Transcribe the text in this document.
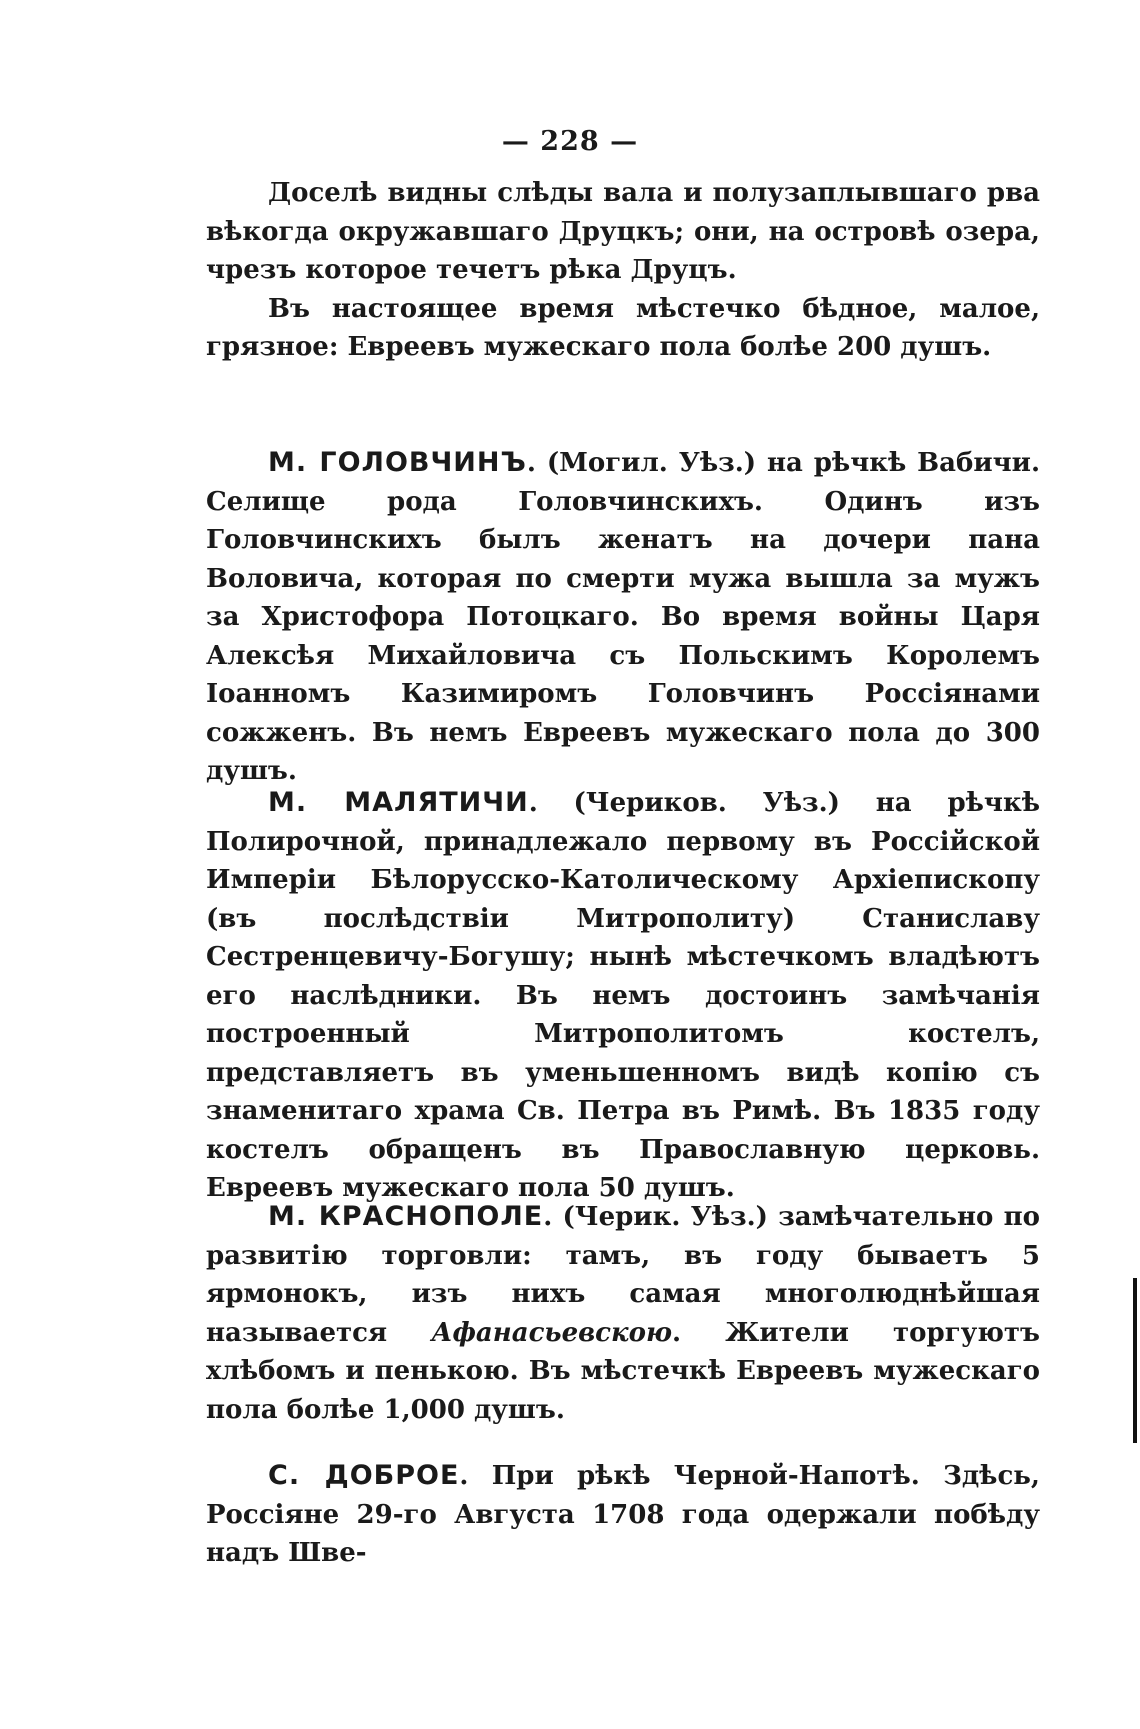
— 228 —

Доселѣ видны слѣды вала и полузаплывшаго рва вѣкогда окружавшаго Друцкъ; они, на островѣ озера, чрезъ которое течетъ рѣка Друцъ.

Въ настоящее время мѣстечко бѣдное, малое, грязное: Евреевъ мужескаго пола болѣе 200 душъ.

М. ГОЛОВЧИНЪ. (Могил. Уѣз.) на рѣчкѣ Вабичи. Селище рода Головчинскихъ. Одинъ изъ Головчинскихъ былъ женатъ на дочери пана Воловича, которая по смерти мужа вышла за мужъ за Христофора Потоцкаго. Во время войны Царя Алексѣя Михайловича съ Польскимъ Королемъ Іоанномъ Казимиромъ Головчинъ Россіянами сожженъ. Въ немъ Евреевъ мужескаго пола до 300 душъ.

М. МАЛЯТИЧИ. (Чериков. Уѣз.) на рѣчкѣ Полирочной, принадлежало первому въ Россійской Имперіи Бѣлорусско-Католическому Архіепископу (въ послѣдствіи Митрополиту) Станиславу Сестренцевичу-Богушу; нынѣ мѣстечкомъ владѣютъ его наслѣдники. Въ немъ достоинъ замѣчанія построенный Митрополитомъ костелъ, представляетъ въ уменьшенномъ видѣ копію съ знаменитаго храма Св. Петра въ Римѣ. Въ 1835 году костелъ обращенъ въ Православную церковь. Евреевъ мужескаго пола 50 душъ.

М. КРАСНОПОЛЕ. (Черик. Уѣз.) замѣчательно по развитію торговли: тамъ, въ году бываетъ 5 ярмонокъ, изъ нихъ самая многолюднѣйшая называется Афанасьевскою. Жители торгуютъ хлѣбомъ и пенькою. Въ мѣстечкѣ Евреевъ мужескаго пола болѣе 1,000 душъ.

С. ДОБРОЕ. При рѣкѣ Черной-Напотѣ. Здѣсь, Россіяне 29-го Августа 1708 года одержали побѣду надъ Шве-
